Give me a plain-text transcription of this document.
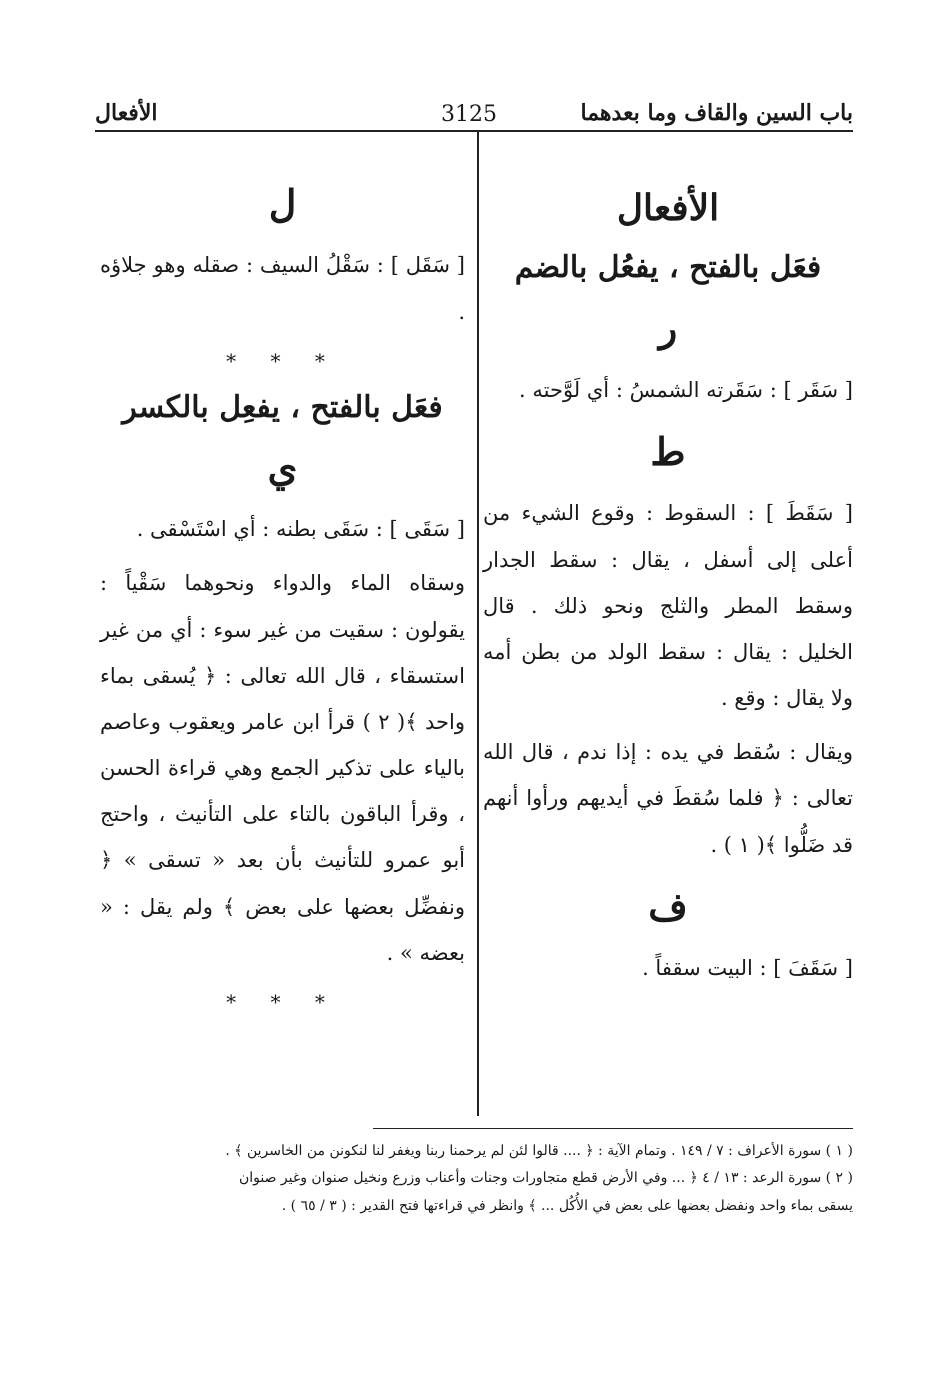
باب السين والقاف وما بعدهما
3125
الأفعال
الأفعال
فعَل بالفتح ، يفعُل بالضم
ر

[ سَقَر ] : سَقَرته الشمسُ : أي لَوَّحته .

ط

[ سَقَطَ ] : السقوط : وقوع الشيء من أعلى إلى أسفل ، يقال : سقط الجدار وسقط المطر والثلج ونحو ذلك . قال الخليل : يقال : سقط الولد من بطن أمه ولا يقال : وقع .

ويقال : سُقط في يده : إذا ندم ، قال الله تعالى : ﴿ فلما سُقطَ في أيديهم ورأوا أنهم قد ضَلُّوا ﴾( ١ ) .

ف

[ سَقَفَ ] : البيت سقفاً .

ل

[ سَقَل ] : سَقْلُ السيف : صقله وهو جلاؤه .

* * *
فعَل بالفتح ، يفعِل بالكسر
ي

[ سَقَى ] : سَقَى بطنه : أي اسْتَسْقى .

وسقاه الماء والدواء ونحوهما سَقْياً : يقولون : سقيت من غير سوء : أي من غير استسقاء ، قال الله تعالى : ﴿ يُسقى بماء واحد ﴾( ٢ ) قرأ ابن عامر ويعقوب وعاصم بالياء على تذكير الجمع وهي قراءة الحسن ، وقرأ الباقون بالتاء على التأنيث ، واحتج أبو عمرو للتأنيث بأن بعد « تسقى » ﴿ ونفضِّل بعضها على بعض ﴾ ولم يقل : « بعضه » .

* * *
( ١ ) سورة الأعراف : ٧ / ١٤٩ . وتمام الآية : ﴿ .... قالوا لئن لم يرحمنا ربنا ويغفر لنا لنكونن من الخاسرين ﴾ .
( ٢ ) سورة الرعد : ١٣ / ٤ ﴿ ... وفي الأرض قطع متجاورات وجنات وأعناب وزرع ونخيل صنوان وغير صنوان
يسقى بماء واحد ونفضل بعضها على بعض في الأُكُل ... ﴾ وانظر في قراءتها فتح القدير : ( ٣ / ٦٥ ) .
